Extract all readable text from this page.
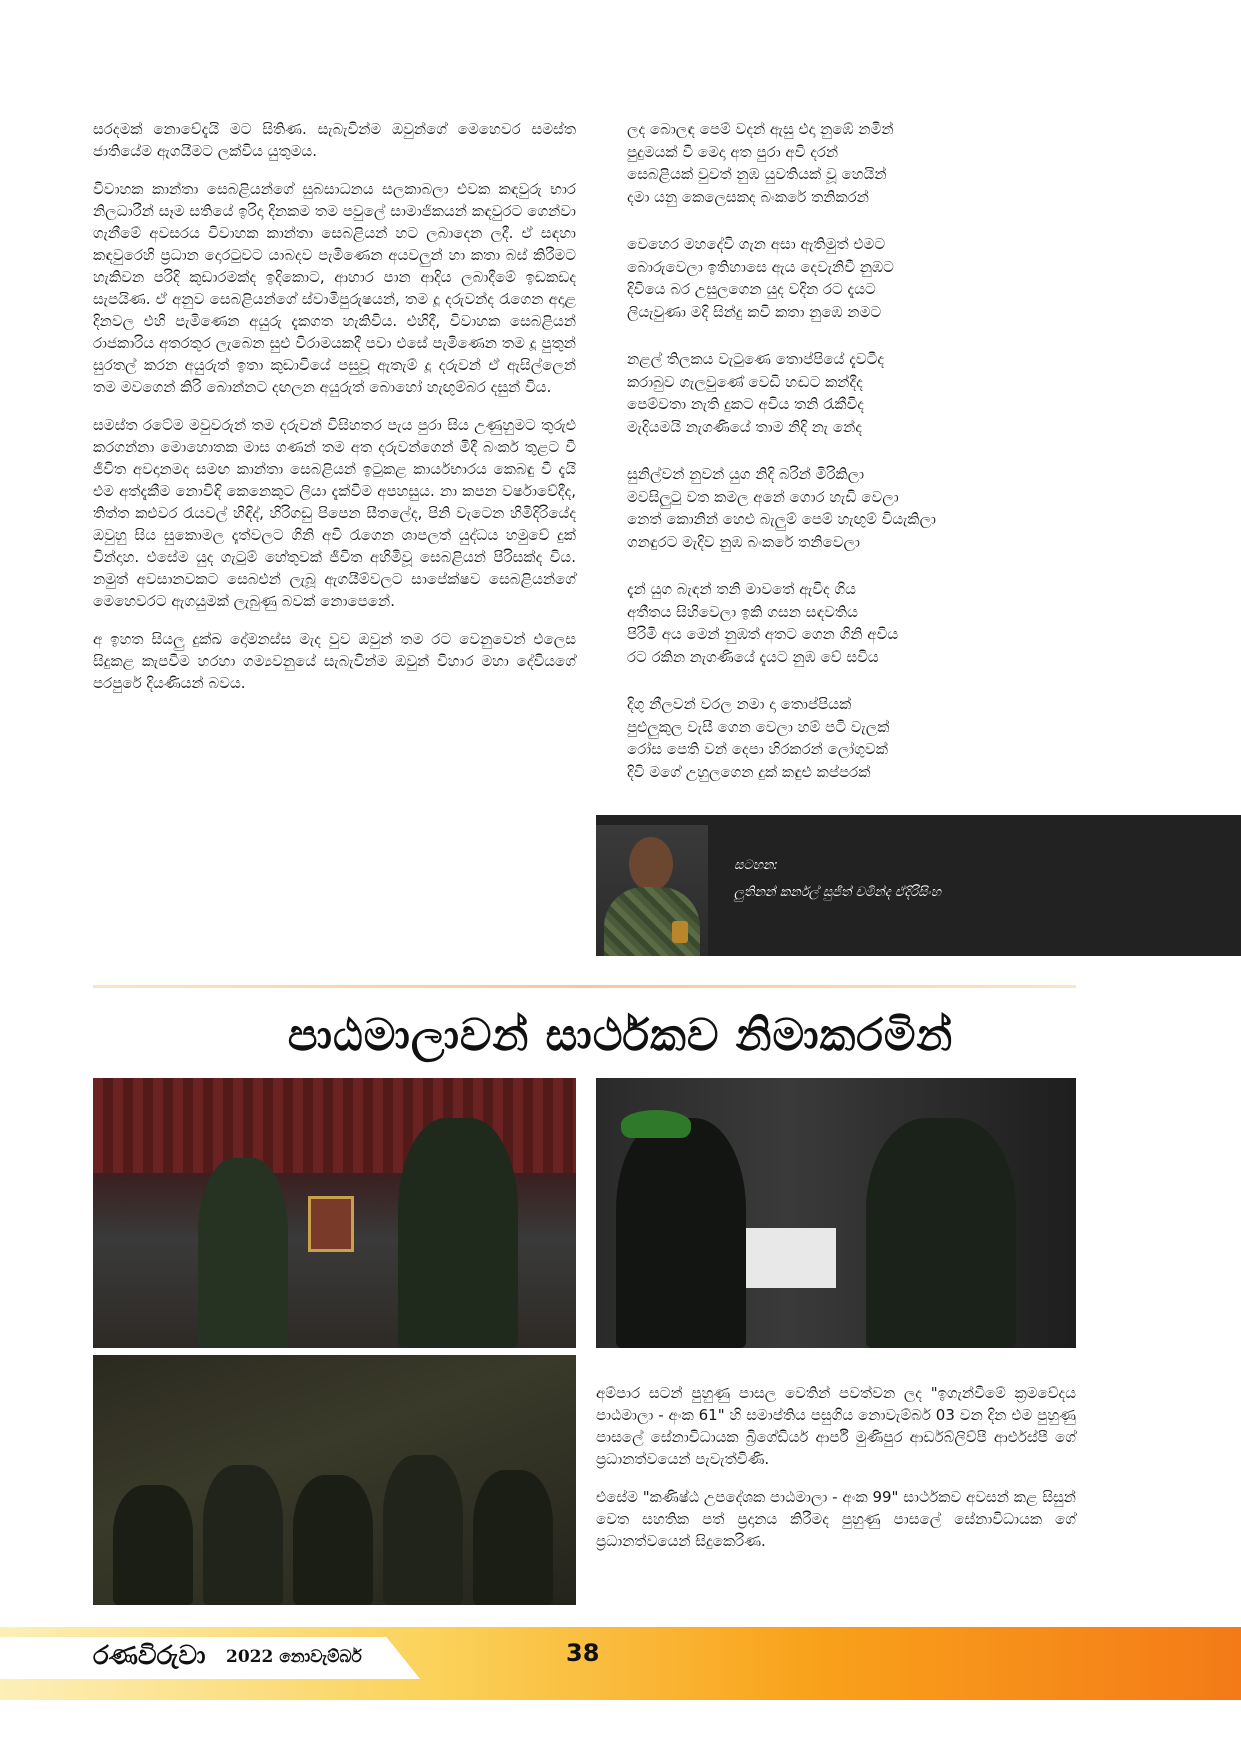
සරදමක් නොවේදැයි මට සිතිණ. සැබැවින්ම ඔවුන්ගේ මෙහෙවර සමස්ත ජාතියේම ඇගයීමට ලක්විය යුතුමය.

විවාහක කාන්තා සෙබළියන්ගේ සුබසාධනය සලකාබලා එවක කඳවුරු භාර නිලධාරීන් සෑම සතියේ ඉරිදා දිනකම තම පවුලේ සාමාජිකයන් කඳවුරට ගෙන්වා ගැනීමේ අවසරය විවාහක කාන්තා සෙබළියන් හට ලබාදෙන ලදී. ඒ සඳහා කඳවුරෙහි ප්‍රධාන දොරටුවට යාබදව පැමිණෙන අයවලුන් හා කතා බස් කිරීමට හැකිවන පරිදි කුඩාරමක්ද ඉදිකොට, ආහාර පාන ආදිය ලබාදීමේ ඉඩකඩද සැපයිණ. ඒ අනුව සෙබළියන්ගේ ස්වාමිපුරුෂයන්, තම දූ දරුවන්ද රැගෙන අදාළ දිනවල එහි පැමිණෙන අයුරු දැකගත හැකිවිය. එහිදී, විවාහක සෙබළියන් රාජකාරිය අතරතුර ලැබෙන සුළු විරාමයකදී පවා එසේ පැමිණෙන තම දූ පුතුන් සුරතල් කරන අයුරුත් ඉතා කුඩාවියේ පසුවූ ඇතැම් දූ දරුවන් ඒ ඇසිල්ලෙන් තම මවගෙන් කිරි බොන්නට දඟලන අයුරුත් බොහෝ හැඟුම්බර දසුන් විය.

සමස්ත රටේම මවුවරුන් තම දරුවන් විසිහතර පැය පුරා සිය උණුහුමට තුරුළු කරගන්නා මොහොතක මාස ගණන් තම අත දරුවන්ගෙන් මිදී බංකර් තුළට වී ජීවිත අවදානමද සමඟ කාන්තා සෙබළියන් ඉටුකළ කාර්යභාරය කෙබඳු වී දැයි එම අත්දැකීම නොවිඳි කෙනෙකුට ලියා දැක්වීම අපහසුය. නා කපන වර්ෂාවේදීද, තිත්ත කළුවර රැයවල් හිඳිද්, හිරිගඩු පිපෙන සීතලේද, පිනි වැටෙන හිමිදිරියේද ඔවුහු සිය සුකොමල දෑත්වලට ගිනි අවි රැගෙන ශාපලත් යුද්ධය හමුවේ දුක් වින්දාහ. එසේම යුද ගැටුම් හේතුවක් ජීවිත අහිමිවූ සෙබළියන් පිරිසක්ද විය. නමුත් අවසානවකට සෙබළුන් ලැබූ ඇගයීම්වලට සාපේක්ෂව සෙබළියන්ගේ මෙහෙවරට ඇගයුමක් ලැබුණු බවක් නොපෙනේ.

අ ඉහත සියලු දුක්ඛ දෝමනස්ස මැද වුව ඔවුන් තම රට වෙනුවෙන් එලෙස සිදුකළ කැපවීම හරහා ගම්‍යවනුයේ සැබැවින්ම ඔවුන් විහාර මහා දේවියගේ පරපුරේ දියණියන් බවය.

ලද බොලඳ පෙම් වදන් ඇසු එදා නුඹේ නමින්
පුදුමයක් වී මෙදා අත පුරා අවි දරන්
සෙබළියක් වුවත් නුඹ යුවතියක් වූ හෙයින්
දමා යනු කෙලෙසකද බංකරේ තනිකරන්
වෙහෙර මහදේවි ගැන අසා ඇතිමුත් එමට
බොරුවෙලා ඉතිහාසෙ ඇය දෙවැනිවී නුඹට
දිවියෙ බර උසුලගෙන යුද වදින රට දැයට
ලියැවුණා මදි සින්දු කවි කතා නුඹෙ නමට
නළල් තිලකය වැටුණෙ තොප්පියේ දැවටීද
කරාබුව ගැලවුණේ වෙඩි හඬට කන්දීද
පෙම්වතා නැති දුකට අවිය තනි රැකීවිද
මැදියමයි නැගණියේ තාම නිදි නැ නේද
සුනිල්වන් නුවන් යුග නිදි බරින් මිරිකිලා
මවසිලුටු වත කමල අනේ ගොර හැඩි වෙලා
නෙත් කොනින් හෙළු බැලුම් පෙම් හැඟුම් වියැකිලා
ගනඳුරට මැදිව නුඹ බංකරේ තනිවෙලා
දැන් යුග බැඳන් තනි මාවතේ ඇවිද ගිය
අතීතය සිහිවෙලා ඉකි ගසන සඳවතිය
පිරිමි අය මෙන් නුඹත් අතට ගෙන ගිනි අවිය
රට රකින නැගණියේ දැයට නුඹ වේ සවිය
දිගු නීලවන් වරල නමා දා තොප්පියක්
පුළුලුකුල වැසී ගෙන වෙලා හම් පටි වැලක්
රෝස පෙති වන් දෙපා හිරකරන් ලෝගුවක්
දිවි මගේ උහුලගෙන දුක් කඳුළු කප්පරක්
සටහන:
ලුතිනන් කර්නල් සුජිත් චමින්ද ඒදිරිසිංහ
පාඨමාලාවන් සාර්ථකව නිමාකරමින්

අම්පාර සටන් පුහුණු පාසල වෙතින් පවත්වන ලද "ඉගැන්වීමේ ක්‍රමවේදය පාඨමාලා - අංක 61" හි සමාප්තිය පසුගිය නොවැම්බර් 03 වන දින එම පුහුණු පාසලේ සේනාවිධායක බ්‍රිගේඩියර් ආර්පී මුණිපුර ආර්ඩබ්ලිව්පී ආර්එස්පී ගේ ප්‍රධානත්වයෙන් පැවැත්විණි.

එසේම "කණිෂ්ඨ උපදේශක පාඨමාලා - අංක 99" සාර්ථකව අවසන් කළ සිසුන් වෙත සහතික පත් ප්‍රදානය කිරීමද පුහුණු පාසලේ සේනාවිධායක ගේ ප්‍රධානත්වයෙන් සිදුකෙරිණ.

රණවිරුවා 2022 නොවැම්බර්	38
